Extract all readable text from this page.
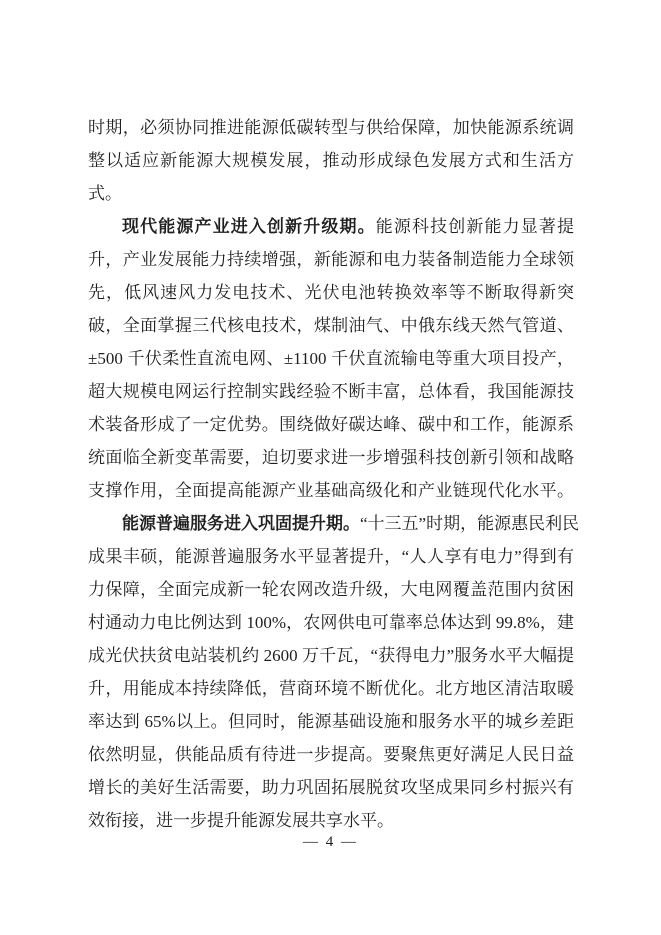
时期，必须协同推进能源低碳转型与供给保障，加快能源系统调
整以适应新能源大规模发展，推动形成绿色发展方式和生活方
式。
现代能源产业进入创新升级期。能源科技创新能力显著提
升，产业发展能力持续增强，新能源和电力装备制造能力全球领
先，低风速风力发电技术、光伏电池转换效率等不断取得新突
破，全面掌握三代核电技术，煤制油气、中俄东线天然气管道、
±500 千伏柔性直流电网、±1100 千伏直流输电等重大项目投产，
超大规模电网运行控制实践经验不断丰富，总体看，我国能源技
术装备形成了一定优势。围绕做好碳达峰、碳中和工作，能源系
统面临全新变革需要，迫切要求进一步增强科技创新引领和战略
支撑作用，全面提高能源产业基础高级化和产业链现代化水平。
能源普遍服务进入巩固提升期。“十三五”时期，能源惠民利民
成果丰硕，能源普遍服务水平显著提升，“人人享有电力”得到有
力保障，全面完成新一轮农网改造升级，大电网覆盖范围内贫困
村通动力电比例达到 100%，农网供电可靠率总体达到 99.8%，建
成光伏扶贫电站装机约 2600 万千瓦，“获得电力”服务水平大幅提
升，用能成本持续降低，营商环境不断优化。北方地区清洁取暖
率达到 65%以上。但同时，能源基础设施和服务水平的城乡差距
依然明显，供能品质有待进一步提高。要聚焦更好满足人民日益
增长的美好生活需要，助力巩固拓展脱贫攻坚成果同乡村振兴有
效衔接，进一步提升能源发展共享水平。
— 4 —
